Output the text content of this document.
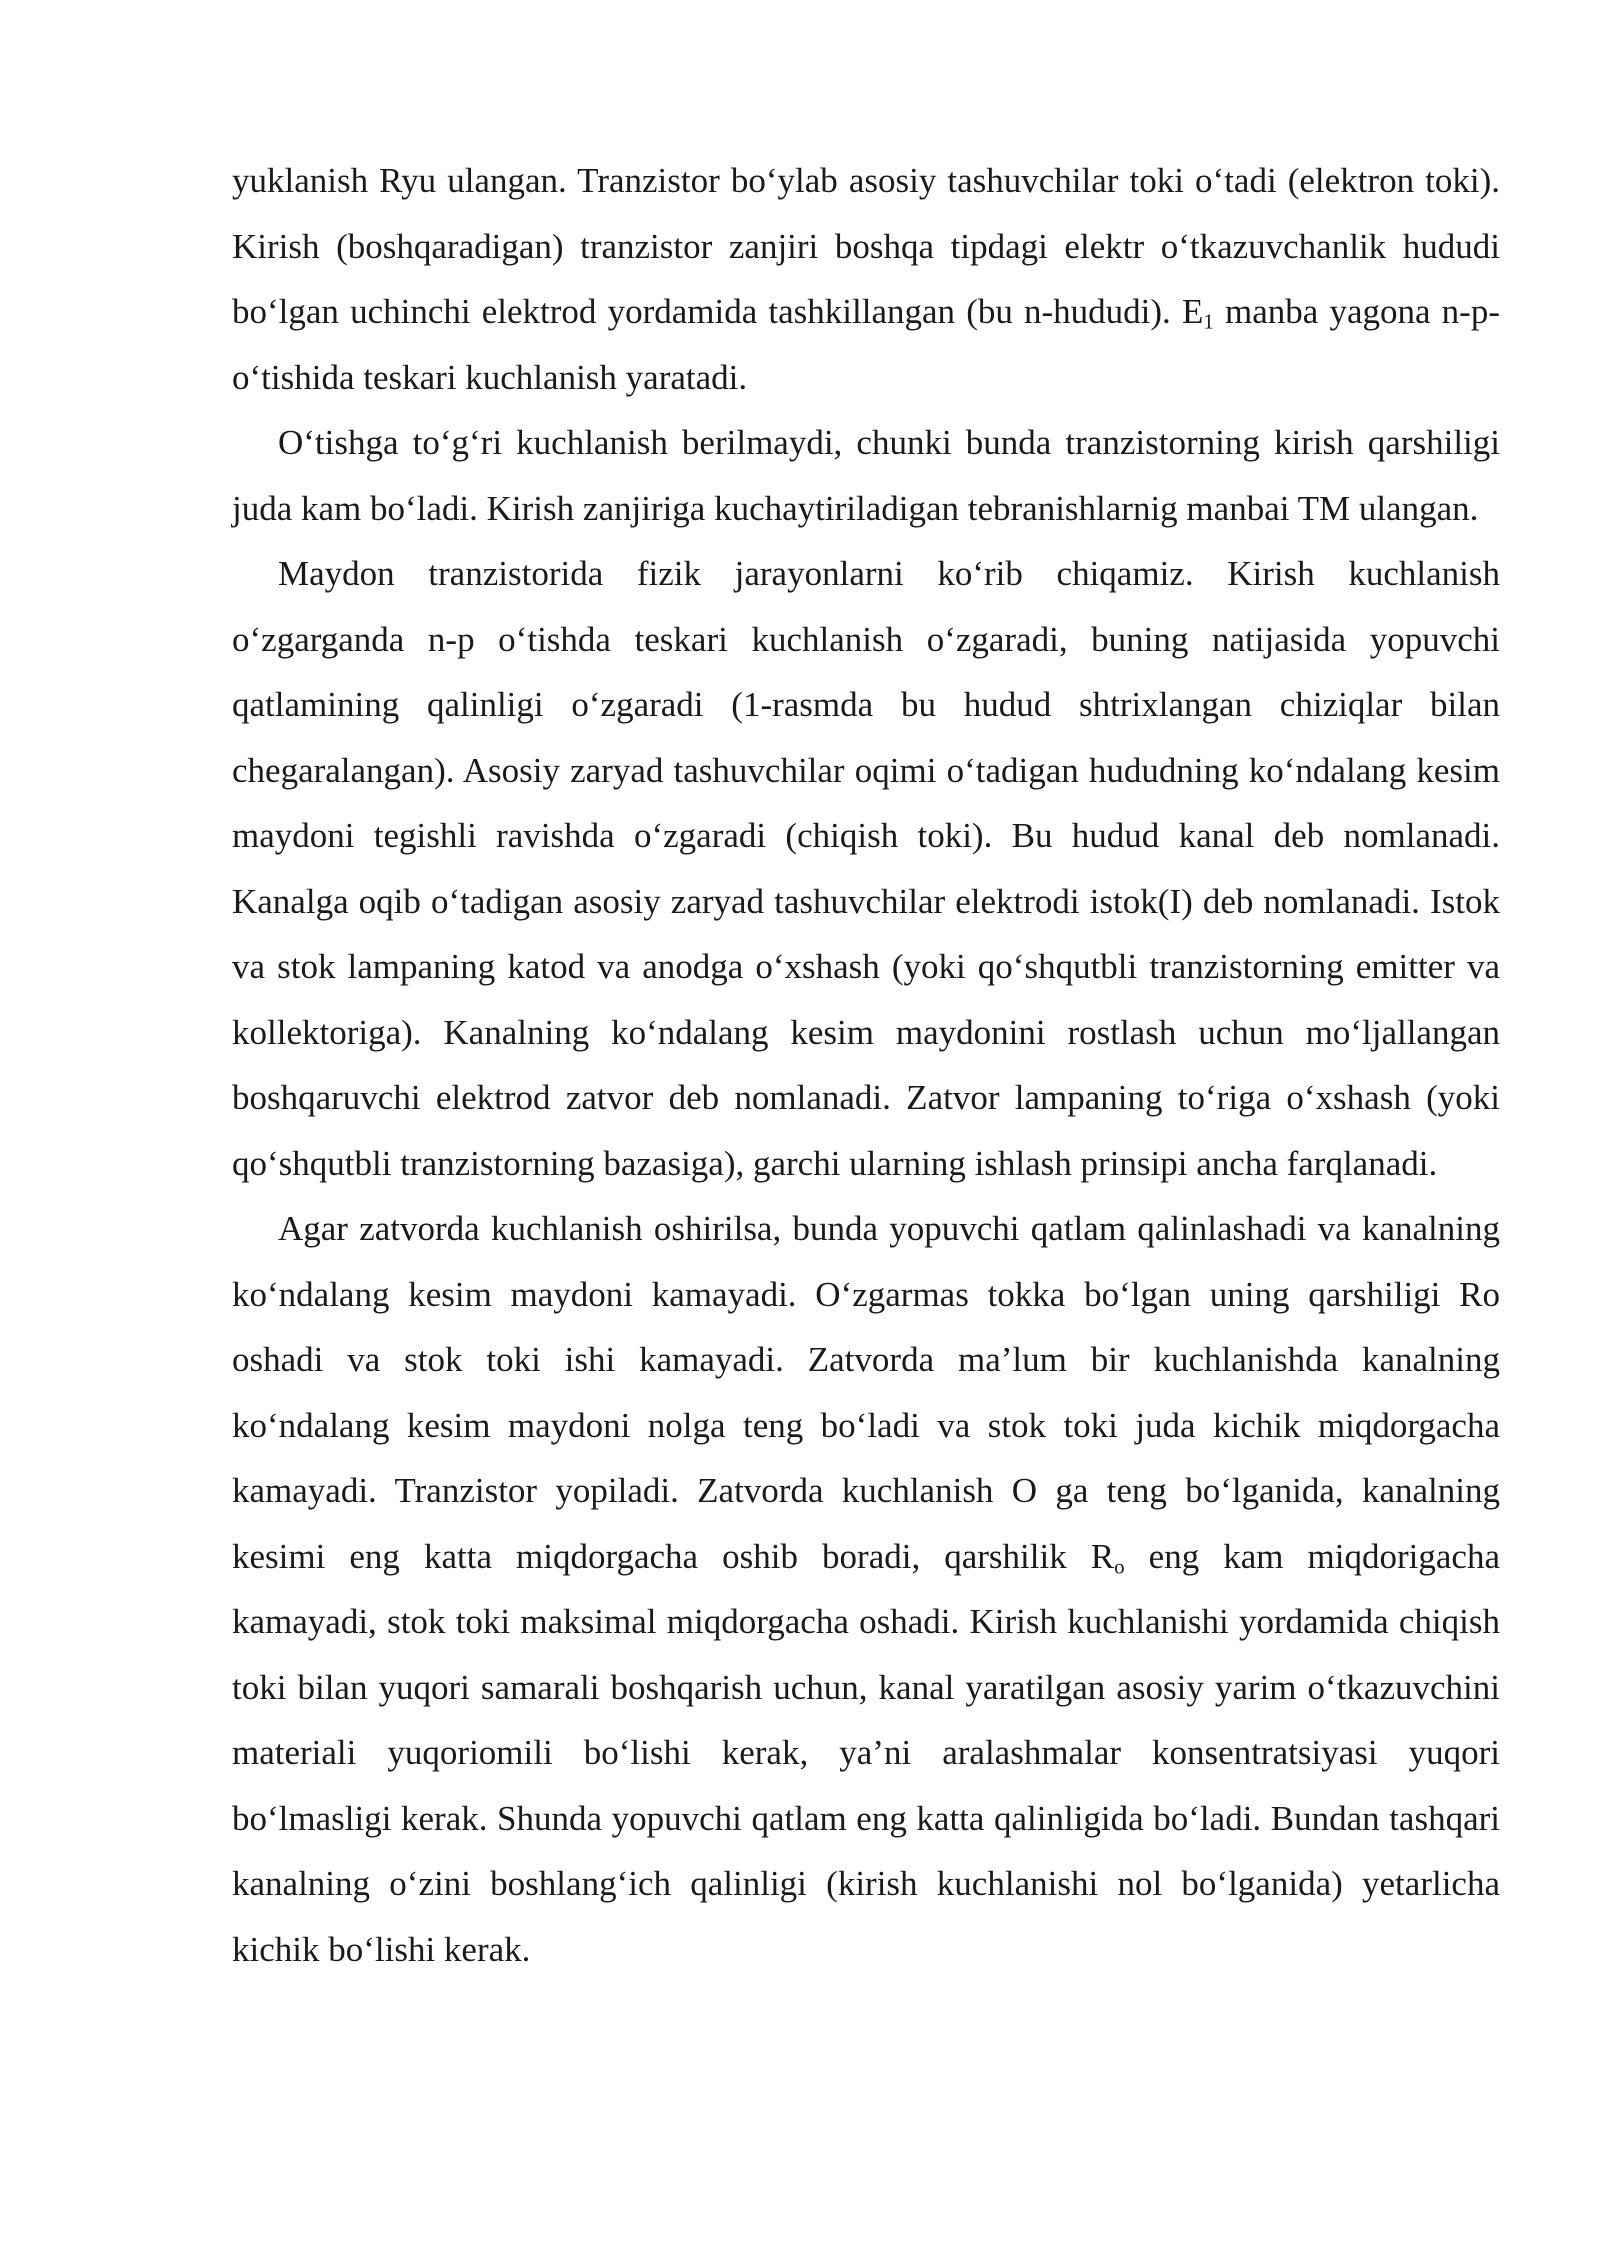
yuklanish Ryu ulangan. Tranzistor bo‘ylab asosiy tashuvchilar toki o‘tadi (elektron toki). Kirish (boshqaradigan) tranzistor zanjiri boshqa tipdagi elektr o‘tkazuvchanlik hududi bo‘lgan uchinchi elektrod yordamida tashkillangan (bu n-hududi). $E_1$ manba yagona n-p-o‘tishida teskari kuchlanish yaratadi.

O‘tishga to‘g‘ri kuchlanish berilmaydi, chunki bunda tranzistorning kirish qarshiligi juda kam bo‘ladi. Kirish zanjiriga kuchaytiriladigan tebranishlarnig manbai TM ulangan.

Maydon tranzistorida fizik jarayonlarni ko‘rib chiqamiz. Kirish kuchlanish o‘zgarganda n-p o‘tishda teskari kuchlanish o‘zgaradi, buning natijasida yopuvchi qatlamining qalinligi o‘zgaradi (1-rasmda bu hudud shtrixlangan chiziqlar bilan chegaralangan). Asosiy zaryad tashuvchilar oqimi o‘tadigan hududning ko‘ndalang kesim maydoni tegishli ravishda o‘zgaradi (chiqish toki). Bu hudud kanal deb nomlanadi. Kanalga oqib o‘tadigan asosiy zaryad tashuvchilar elektrodi istok(I) deb nomlanadi. Istok va stok lampaning katod va anodga o‘xshash (yoki qo‘shqutbli tranzistorning emitter va kollektoriga). Kanalning ko‘ndalang kesim maydonini rostlash uchun mo‘ljallangan boshqaruvchi elektrod zatvor deb nomlanadi. Zatvor lampaning to‘riga o‘xshash (yoki qo‘shqutbli tranzistorning bazasiga), garchi ularning ishlash prinsipi ancha farqlanadi.

Agar zatvorda kuchlanish oshirilsa, bunda yopuvchi qatlam qalinlashadi va kanalning ko‘ndalang kesim maydoni kamayadi. O‘zgarmas tokka bo‘lgan uning qarshiligi Ro oshadi va stok toki ishi kamayadi. Zatvorda ma’lum bir kuchlanishda kanalning ko‘ndalang kesim maydoni nolga teng bo‘ladi va stok toki juda kichik miqdorgacha kamayadi. Tranzistor yopiladi. Zatvorda kuchlanish O ga teng bo‘lganida, kanalning kesimi eng katta miqdorgacha oshib boradi, qarshilik $R_o$ eng kam miqdorigacha kamayadi, stok toki maksimal miqdorgacha oshadi. Kirish kuchlanishi yordamida chiqish toki bilan yuqori samarali boshqarish uchun, kanal yaratilgan asosiy yarim o‘tkazuvchini materiali yuqoriomili bo‘lishi kerak, ya’ni aralashmalar konsentratsiyasi yuqori bo‘lmasligi kerak. Shunda yopuvchi qatlam eng katta qalinligida bo‘ladi. Bundan tashqari kanalning o‘zini boshlang‘ich qalinligi (kirish kuchlanishi nol bo‘lganida) yetarlicha kichik bo‘lishi kerak.
